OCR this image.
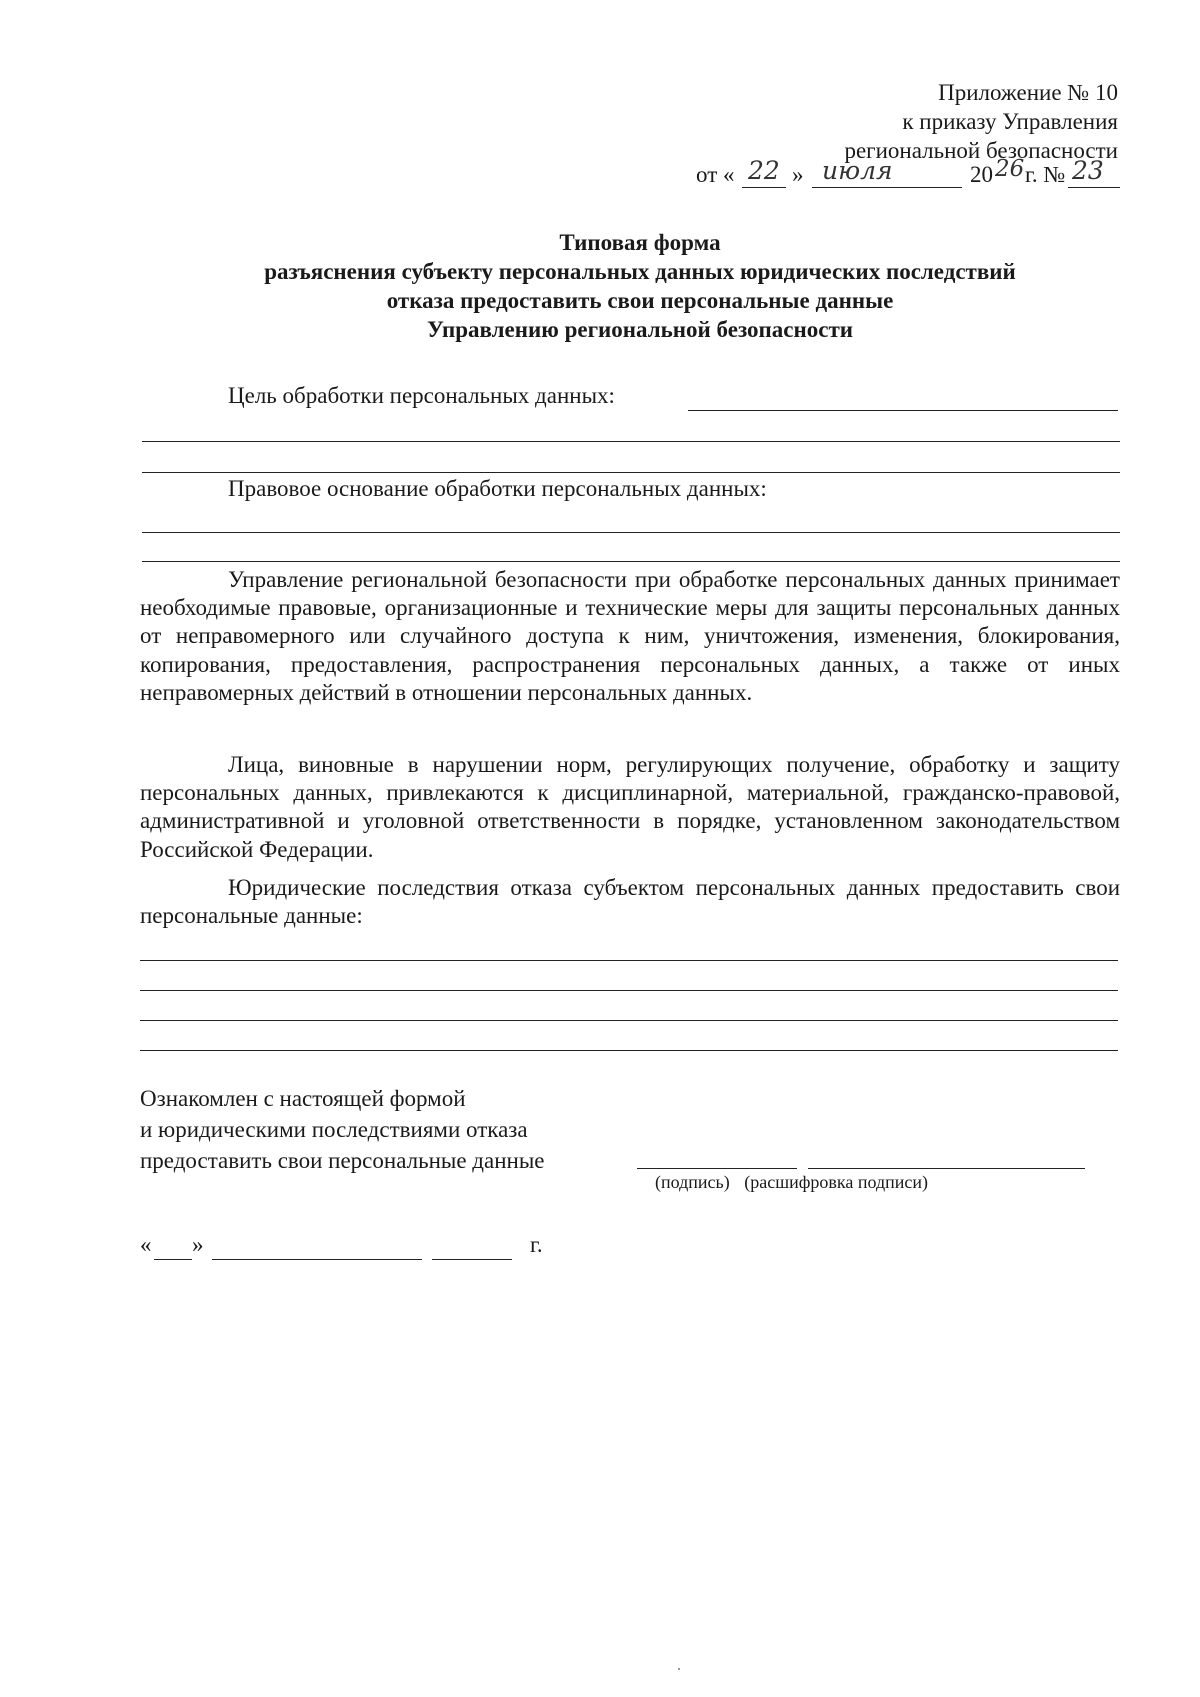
Приложение № 10
к приказу Управления
региональной безопасности
от « 22 » июля	20 26 г. № 23
Типовая форма
разъяснения субъекту персональных данных юридических последствий
отказа предоставить свои персональные данные
Управлению региональной безопасности
Цель обработки персональных данных:
Правовое основание обработки персональных данных:
Управление региональной безопасности при обработке персональных данных принимает необходимые правовые, организационные и технические меры для защиты персональных данных от неправомерного или случайного доступа к ним, уничтожения, изменения, блокирования, копирования, предоставления, распространения персональных данных, а также от иных неправомерных действий в отношении персональных данных.
Лица, виновные в нарушении норм, регулирующих получение, обработку и защиту персональных данных, привлекаются к дисциплинарной, материальной, гражданско-правовой, административной и уголовной ответственности в порядке, установленном законодательством Российской Федерации.
Юридические последствия отказа субъектом персональных данных предоставить свои персональные данные:
Ознакомлен с настоящей формой
и юридическими последствиями отказа
предоставить свои персональные данные
(подпись) (расшифровка подписи)
« »	г.
